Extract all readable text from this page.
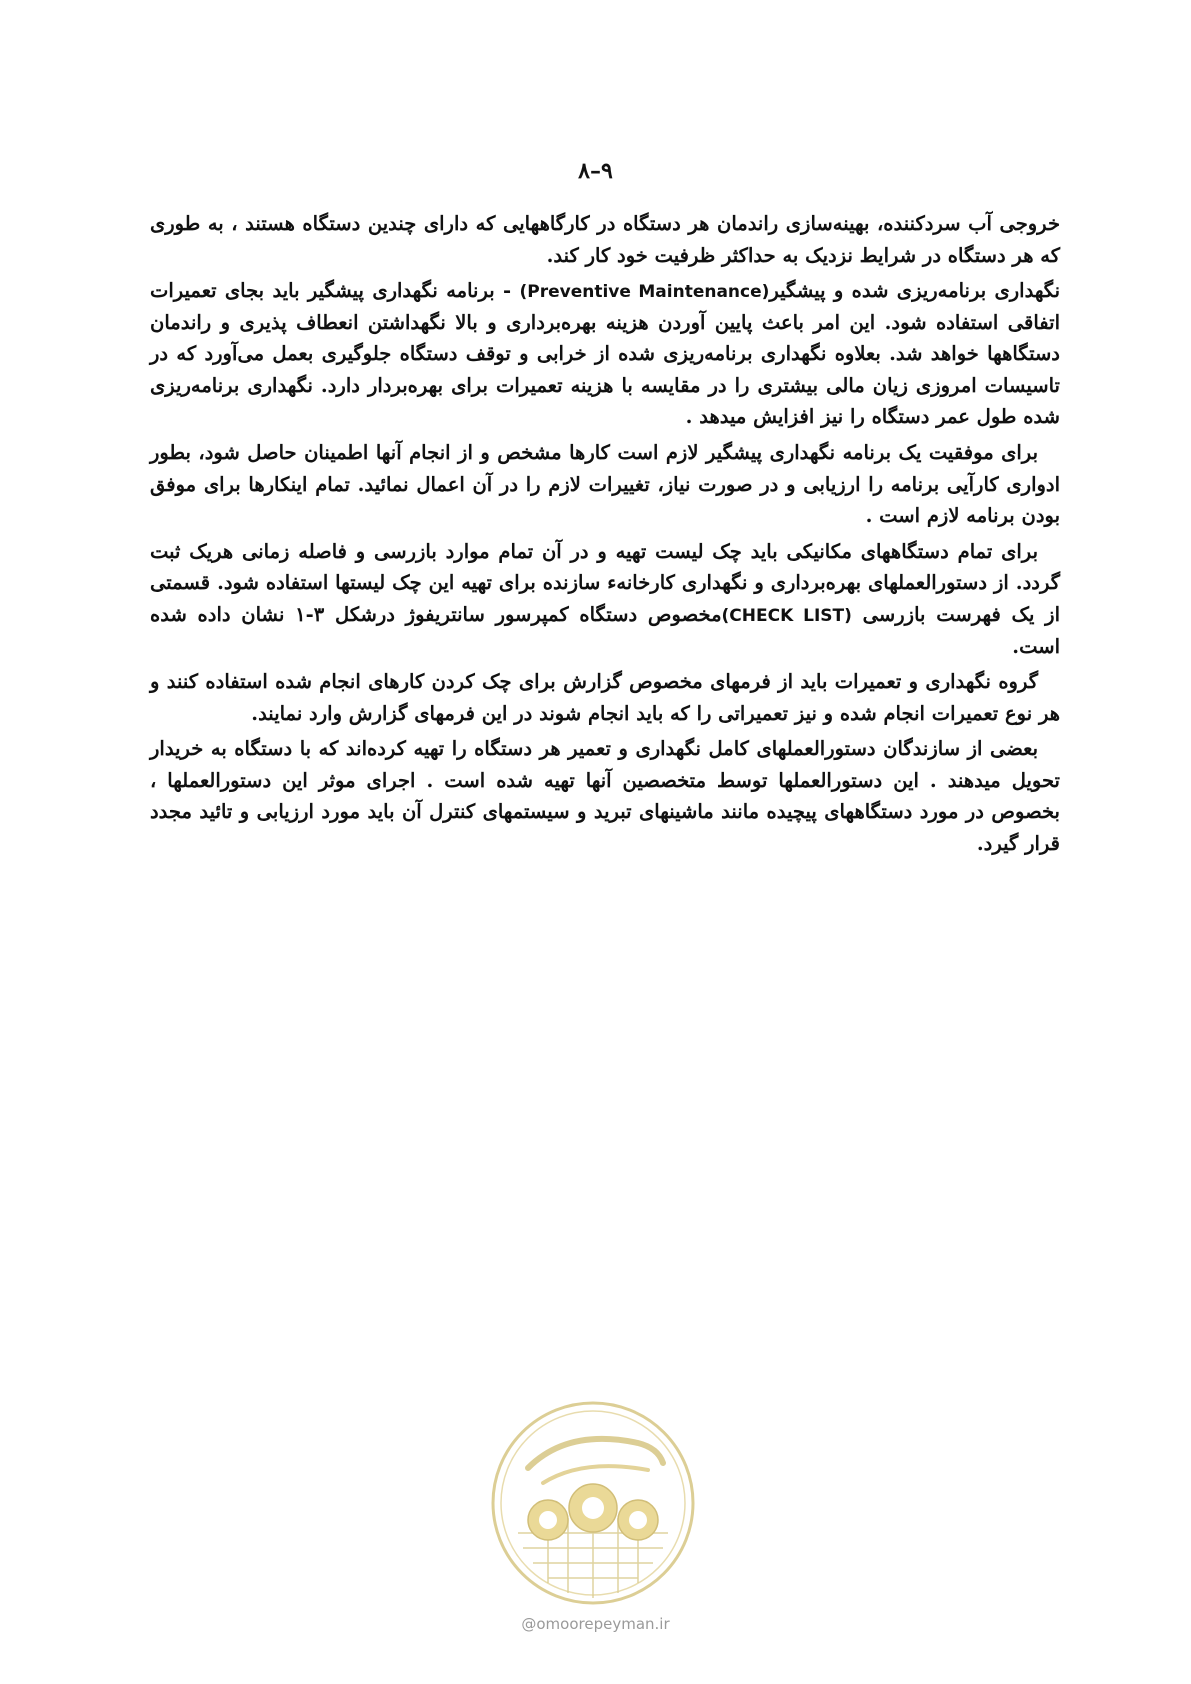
۹–۸

خروجی آب سردکننده، بهینه‌سازی راندمان هر دستگاه در کارگاههایی که دارای چندین دستگاه هستند ، به طوری که هر دستگاه در شرایط نزدیک به حداکثر ظرفیت خود کار کند.

نگهداری برنامه‌ریزی شده و پیشگیر(Preventive Maintenance) - برنامه نگهداری پیشگیر باید بجای تعمیرات اتفاقی استفاده شود. این امر باعث پایین آوردن هزینه بهره‌برداری و بالا نگهداشتن انعطاف پذیری و راندمان دستگاهها خواهد شد. بعلاوه نگهداری برنامه‌ریزی شده از خرابی و توقف دستگاه جلوگیری بعمل می‌آورد که در تاسیسات امروزی زیان مالی بیشتری را در مقایسه با هزینه تعمیرات برای بهره‌بردار دارد. نگهداری برنامه‌ریزی شده طول عمر دستگاه را نیز افزایش میدهد .

برای موفقیت یک برنامه نگهداری پیشگیر لازم است کارها مشخص و از انجام آنها اطمینان حاصل شود، بطور ادواری کارآیی برنامه را ارزیابی و در صورت نیاز، تغییرات لازم را در آن اعمال نمائید. تمام اینکارها برای موفق بودن برنامه لازم است .

برای تمام دستگاههای مکانیکی باید چک لیست تهیه و در آن تمام موارد بازرسی و فاصله زمانی هریک ثبت گردد. از دستورالعملهای بهره‌برداری و نگهداری کارخانهء سازنده برای تهیه این چک لیستها استفاده شود. قسمتی از یک فهرست بازرسی (CHECK LIST)مخصوص دستگاه کمپرسور سانتریفوژ درشکل ۳-۱ نشان داده شده است.

گروه نگهداری و تعمیرات باید از فرمهای مخصوص گزارش برای چک کردن کارهای انجام شده استفاده کنند و هر نوع تعمیرات انجام شده و نیز تعمیراتی را که باید انجام شوند در این فرمهای گزارش وارد نمایند.

بعضی از سازندگان دستورالعملهای کامل نگهداری و تعمیر هر دستگاه را تهیه کرده‌اند که با دستگاه به خریدار تحویل میدهند . این دستورالعملها توسط متخصصین آنها تهیه شده است . اجرای موثر این دستورالعملها ، بخصوص در مورد دستگاههای پیچیده مانند ماشینهای تبرید و سیستمهای کنترل آن باید مورد ارزیابی و تائید مجدد قرار گیرد.

@omoorepeyman.ir
